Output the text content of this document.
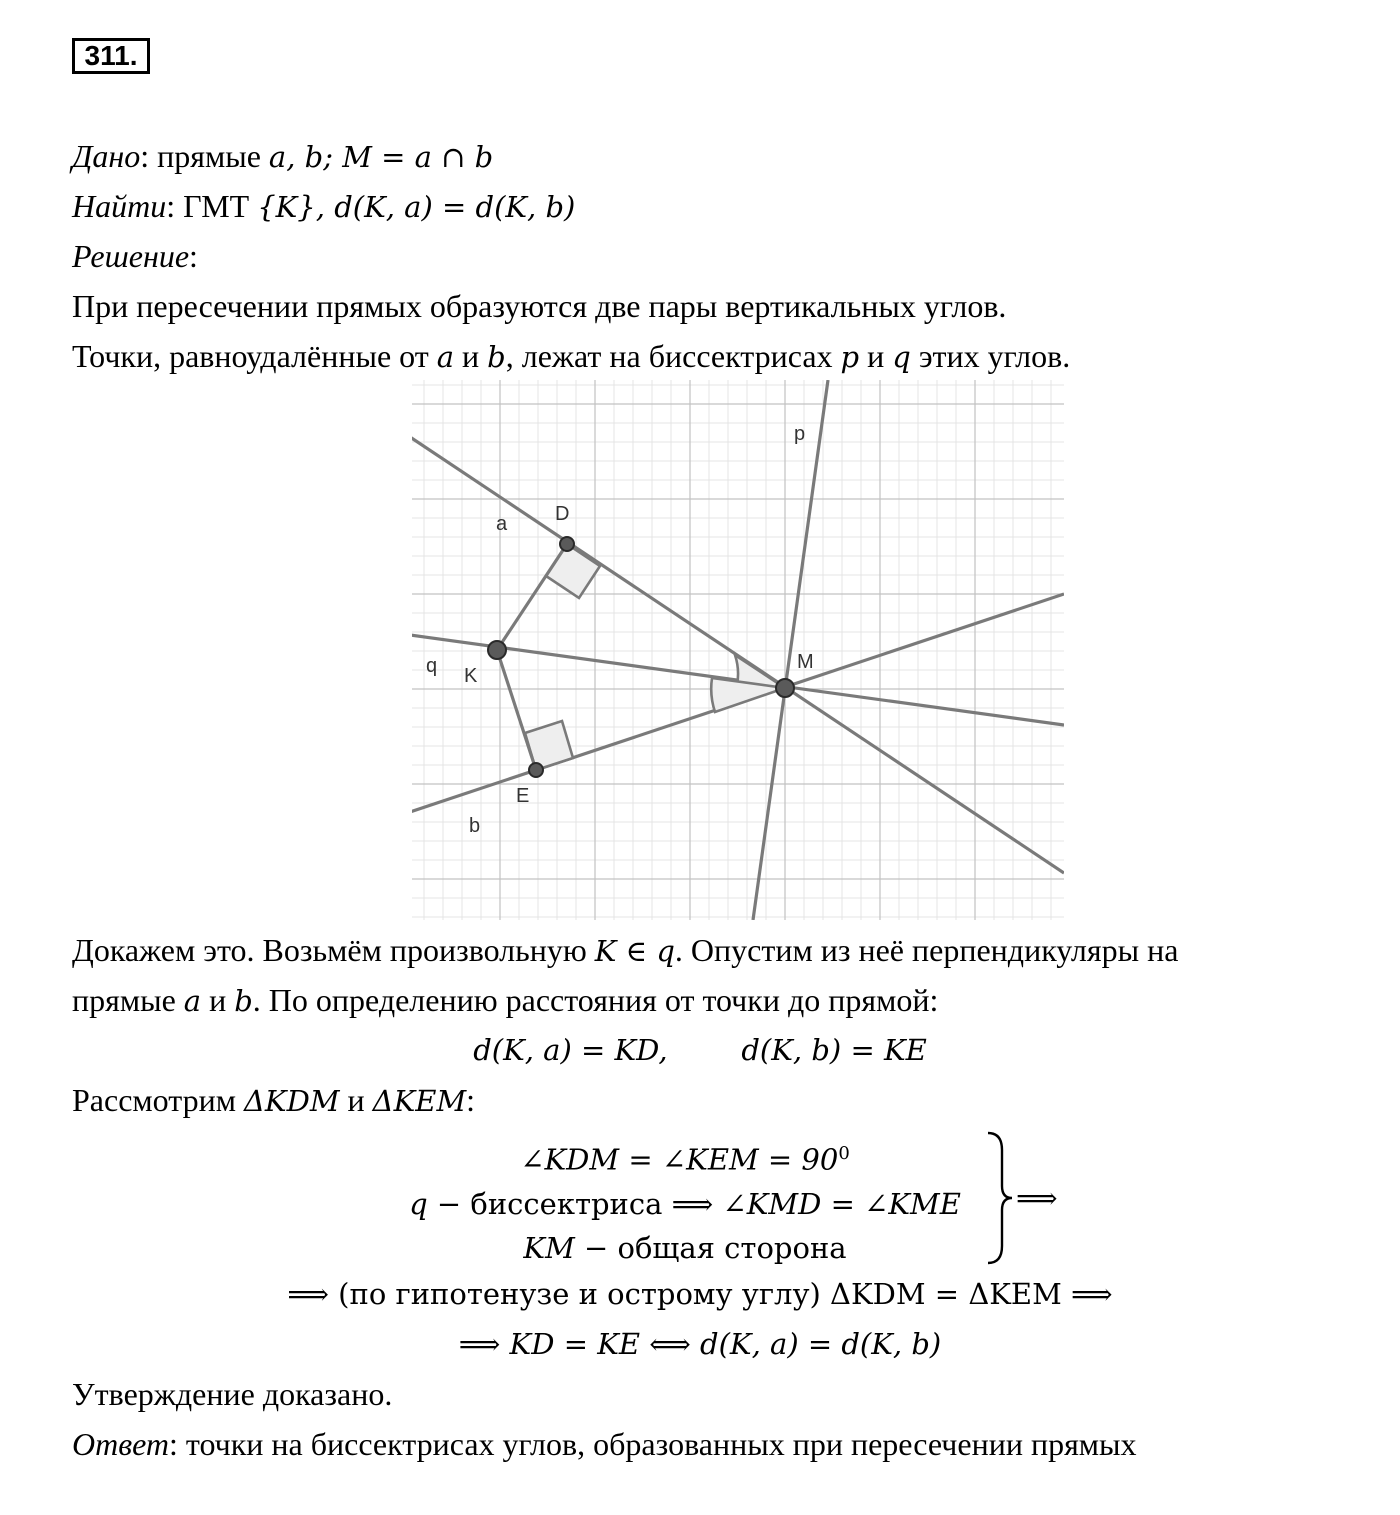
311.
Дано: прямые a, b; M = a ∩ b
Найти: ГМТ {K}, d(K, a) = d(K, b)
Решение:
При пересечении прямых образуются две пары вертикальных углов.
Точки, равноудалённые от a и b, лежат на биссектрисах p и q этих углов.
p
a D
M
q K
E
b
Докажем это. Возьмём произвольную K ∈ q. Опустим из неё перпендикуляры на
прямые a и b. По определению расстояния от точки до прямой:
d(K, a) = KD,        d(K, b) = KE
Рассмотрим ΔKDM и ΔKEM:
∠KDM = ∠KEM = $90^0$
q − биссектриса ⟹ ∠KMD = ∠KME
KM − общая сторона
⟹
⟹ (по гипотенузе и острому углу) ΔKDM = ΔKEM ⟹
⟹ KD = KE ⟺ d(K, a) = d(K, b)
Утверждение доказано.
Ответ: точки на биссектрисах углов, образованных при пересечении прямых
